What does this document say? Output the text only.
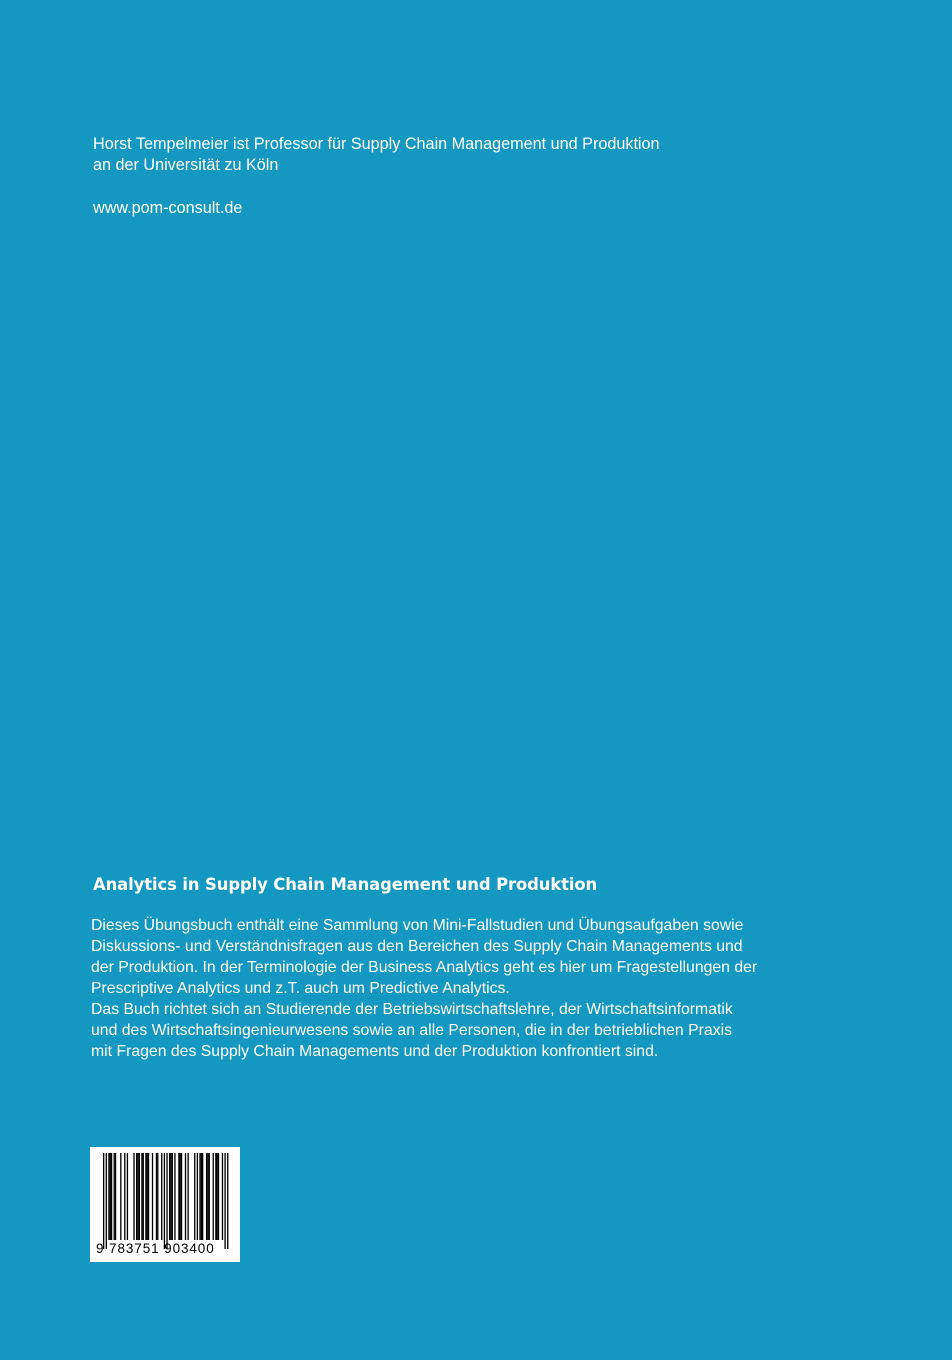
Horst Tempelmeier ist Professor für Supply Chain Management und Produktion
an der Universität zu Köln

www.pom-consult.de

Analytics in Supply Chain Management und Produktion
Dieses Übungsbuch enthält eine Sammlung von Mini-Fallstudien und Übungsaufgaben sowie
Diskussions- und Verständnisfragen aus den Bereichen des Supply Chain Managements und
der Produktion. In der Terminologie der Business Analytics geht es hier um Fragestellungen der
Prescriptive Analytics und z.T. auch um Predictive Analytics.
Das Buch richtet sich an Studierende der Betriebswirtschaftslehre, der Wirtschaftsinformatik
und des Wirtschaftsingenieurwesens sowie an alle Personen, die in der betrieblichen Praxis
mit Fragen des Supply Chain Managements und der Produktion konfrontiert sind.
9 783751 903400
